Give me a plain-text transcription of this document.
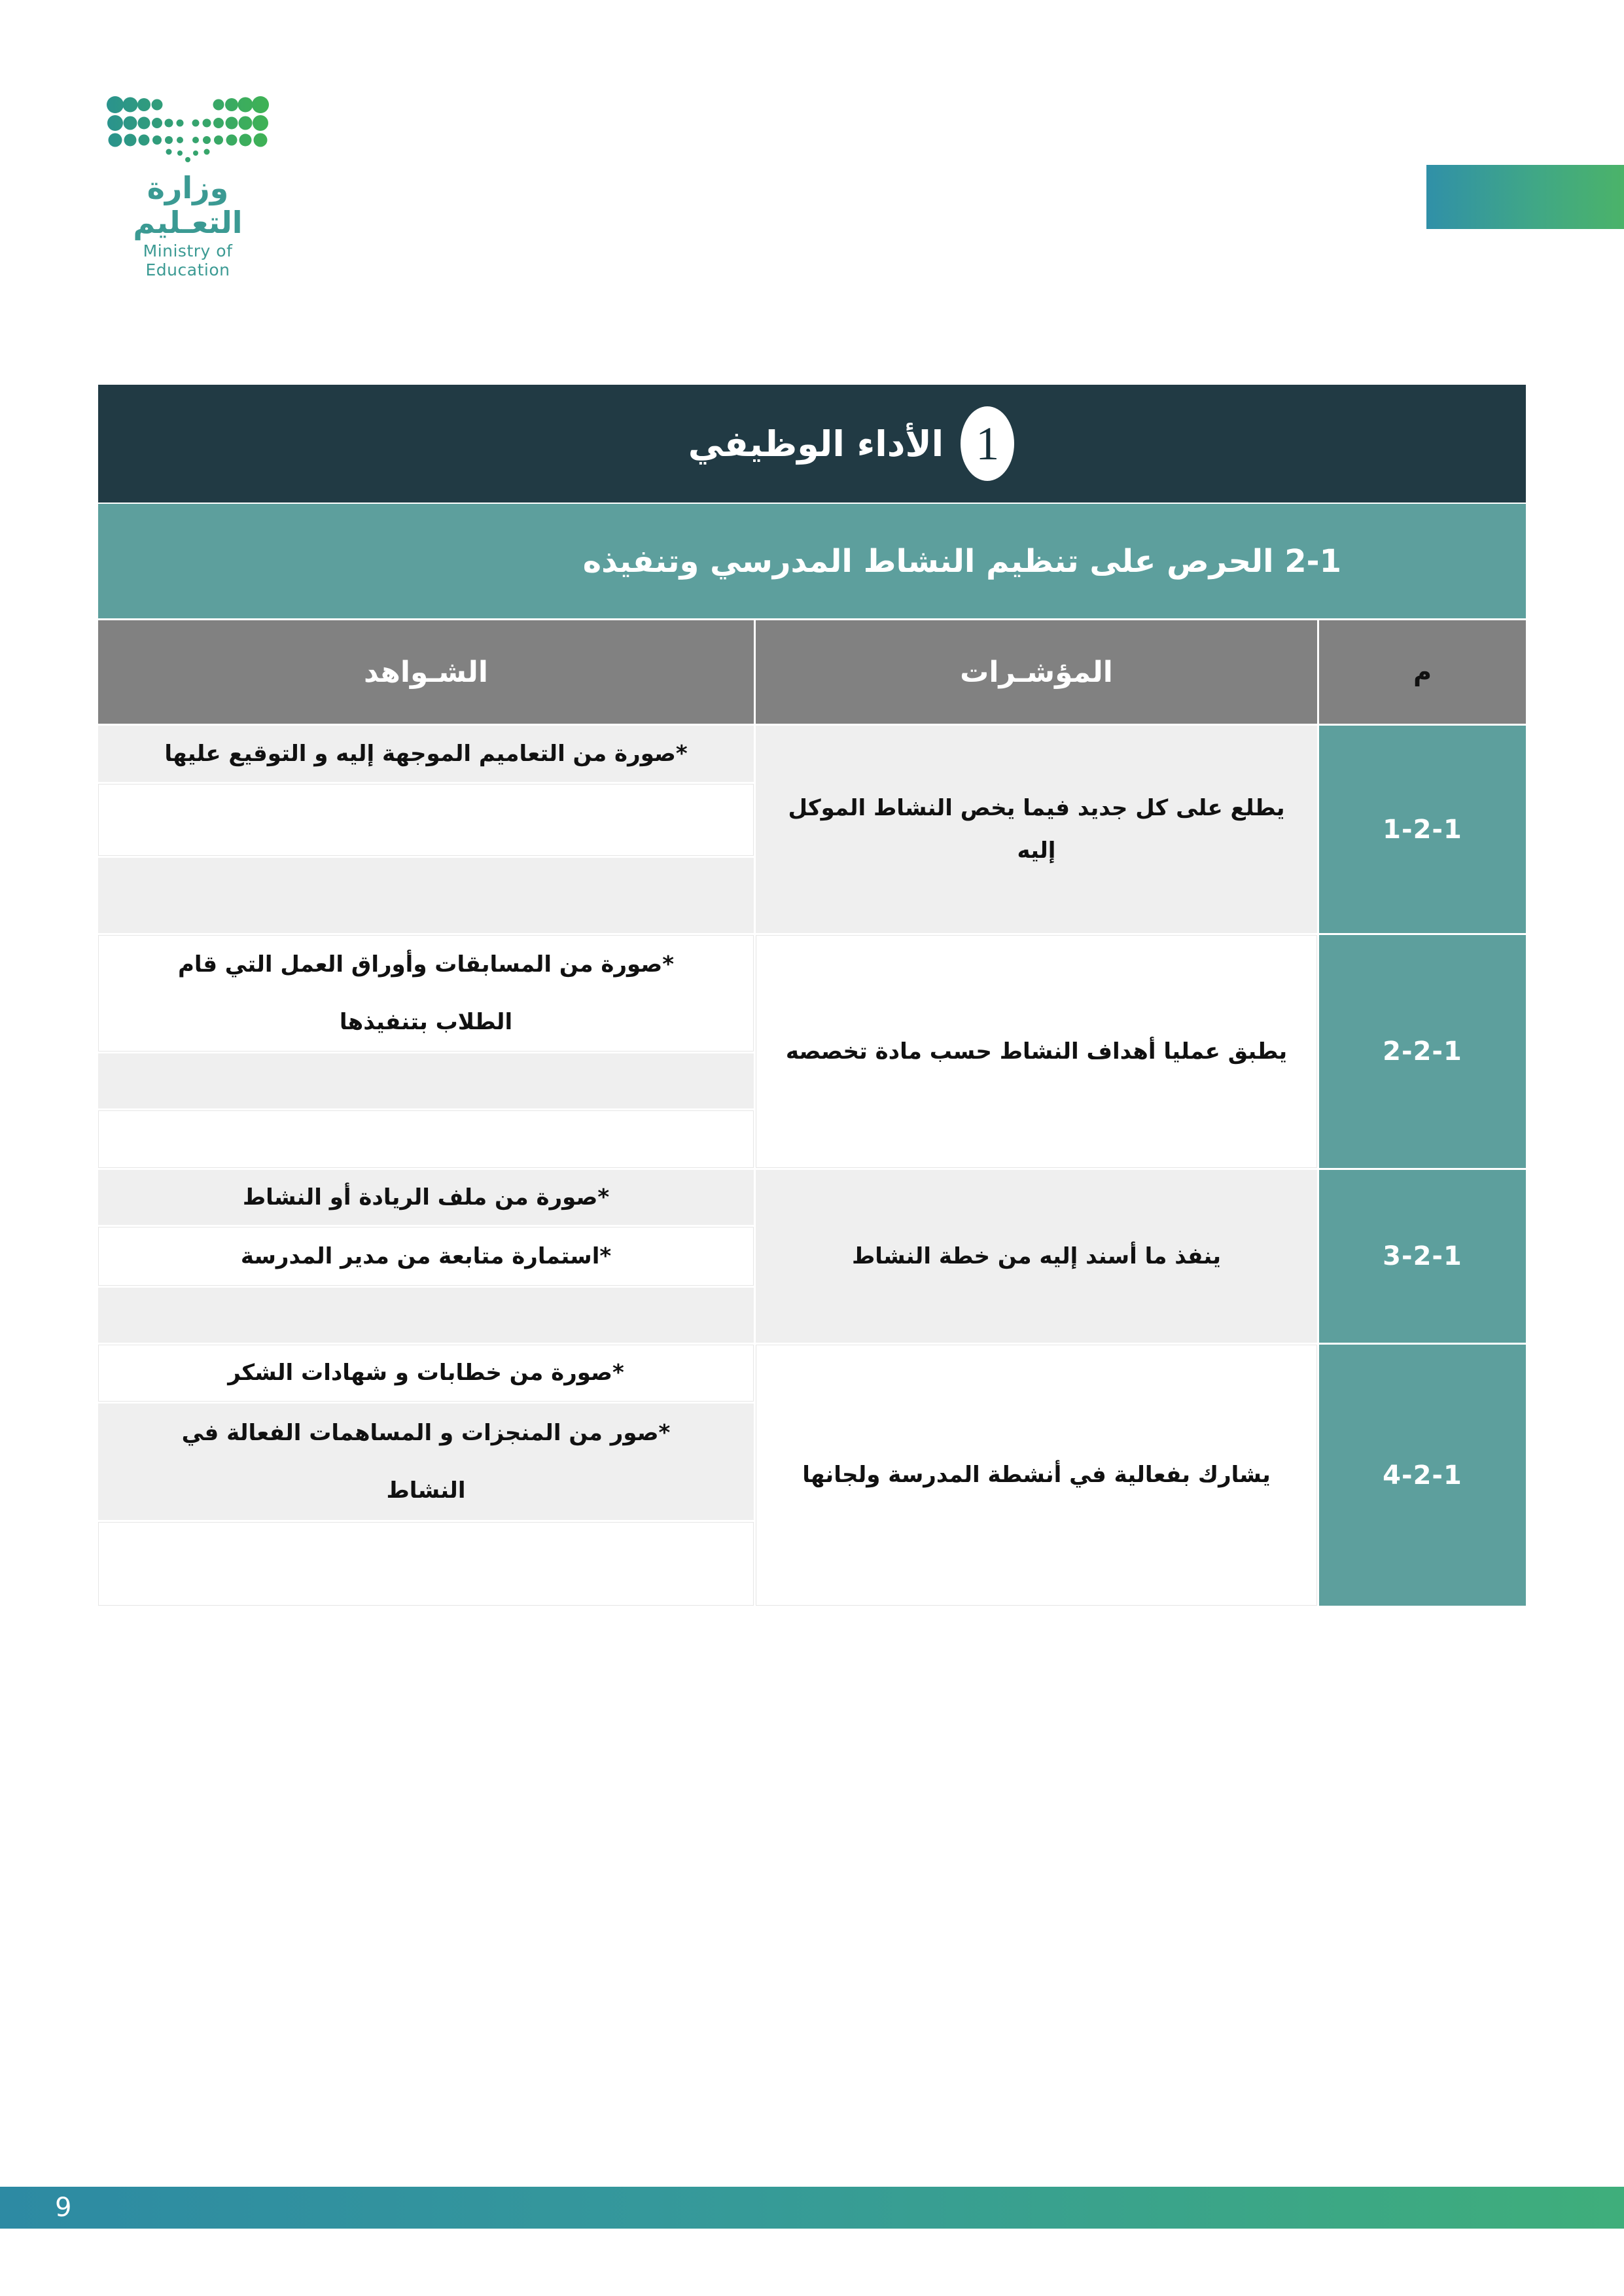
وزارة التعـليم
Ministry of Education
1
الأداء الوظيفي
2-1 الحرص على تنظيم النشاط المدرسي وتنفيذه
م
المؤشـرات
الشـواهد
1-2-1
يطلع على كل جديد فيما يخص النشاط الموكل إليه
*صورة من التعاميم الموجهة إليه و التوقيع عليها
2-2-1
يطبق عمليا أهداف النشاط حسب مادة تخصصه
*صورة من المسابقات وأوراق العمل التي قام الطلاب بتنفيذها
3-2-1
ينفذ ما أسند إليه من خطة النشاط
*صورة من ملف الريادة أو النشاط
*استمارة متابعة من مدير المدرسة
4-2-1
يشارك بفعالية في أنشطة المدرسة ولجانها
*صورة من خطابات و شهادات الشكر
*صور من المنجزات و المساهمات الفعالة في النشاط
9
